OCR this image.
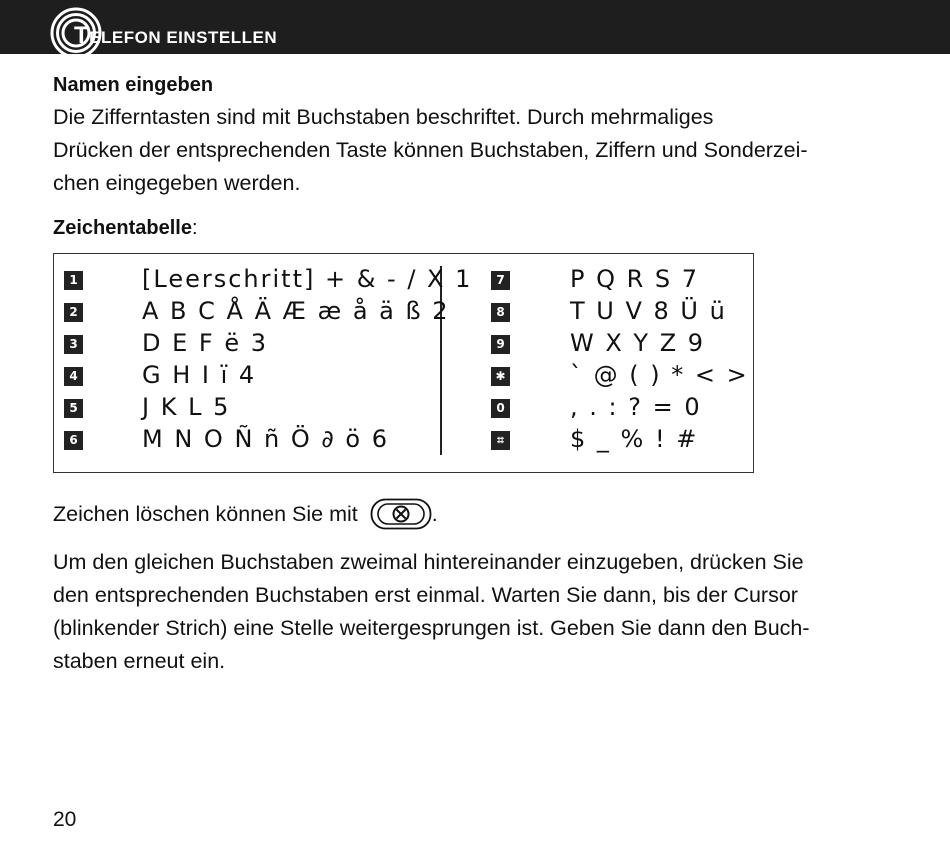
TELEFON EINSTELLEN
Namen eingeben
Die Zifferntasten sind mit Buchstaben beschriftet. Durch mehrmaliges
Drücken der entsprechenden Taste können Buchstaben, Ziffern und Sonderzei-
chen eingegeben werden.
Zeichentabelle:
1	[Leerschritt] + & - / X 1
2	A B C Å Ä Æ æ å ä ß 2
3	D E F ë 3
4	G H I ï 4
5	J K L 5
6	M N O Ñ ñ Ö ∂ ö 6
7	P Q R S 7
8	T U V 8 Ü ü
9	W X Y Z 9
✱	` @ ( ) * < >
0	, . : ? = 0
⌗	$ _ % ! #
Zeichen löschen können Sie mit	.
Um den gleichen Buchstaben zweimal hintereinander einzugeben, drücken Sie
den entsprechenden Buchstaben erst einmal. Warten Sie dann, bis der Cursor
(blinkender Strich) eine Stelle weitergesprungen ist. Geben Sie dann den Buch-
staben erneut ein.
20
